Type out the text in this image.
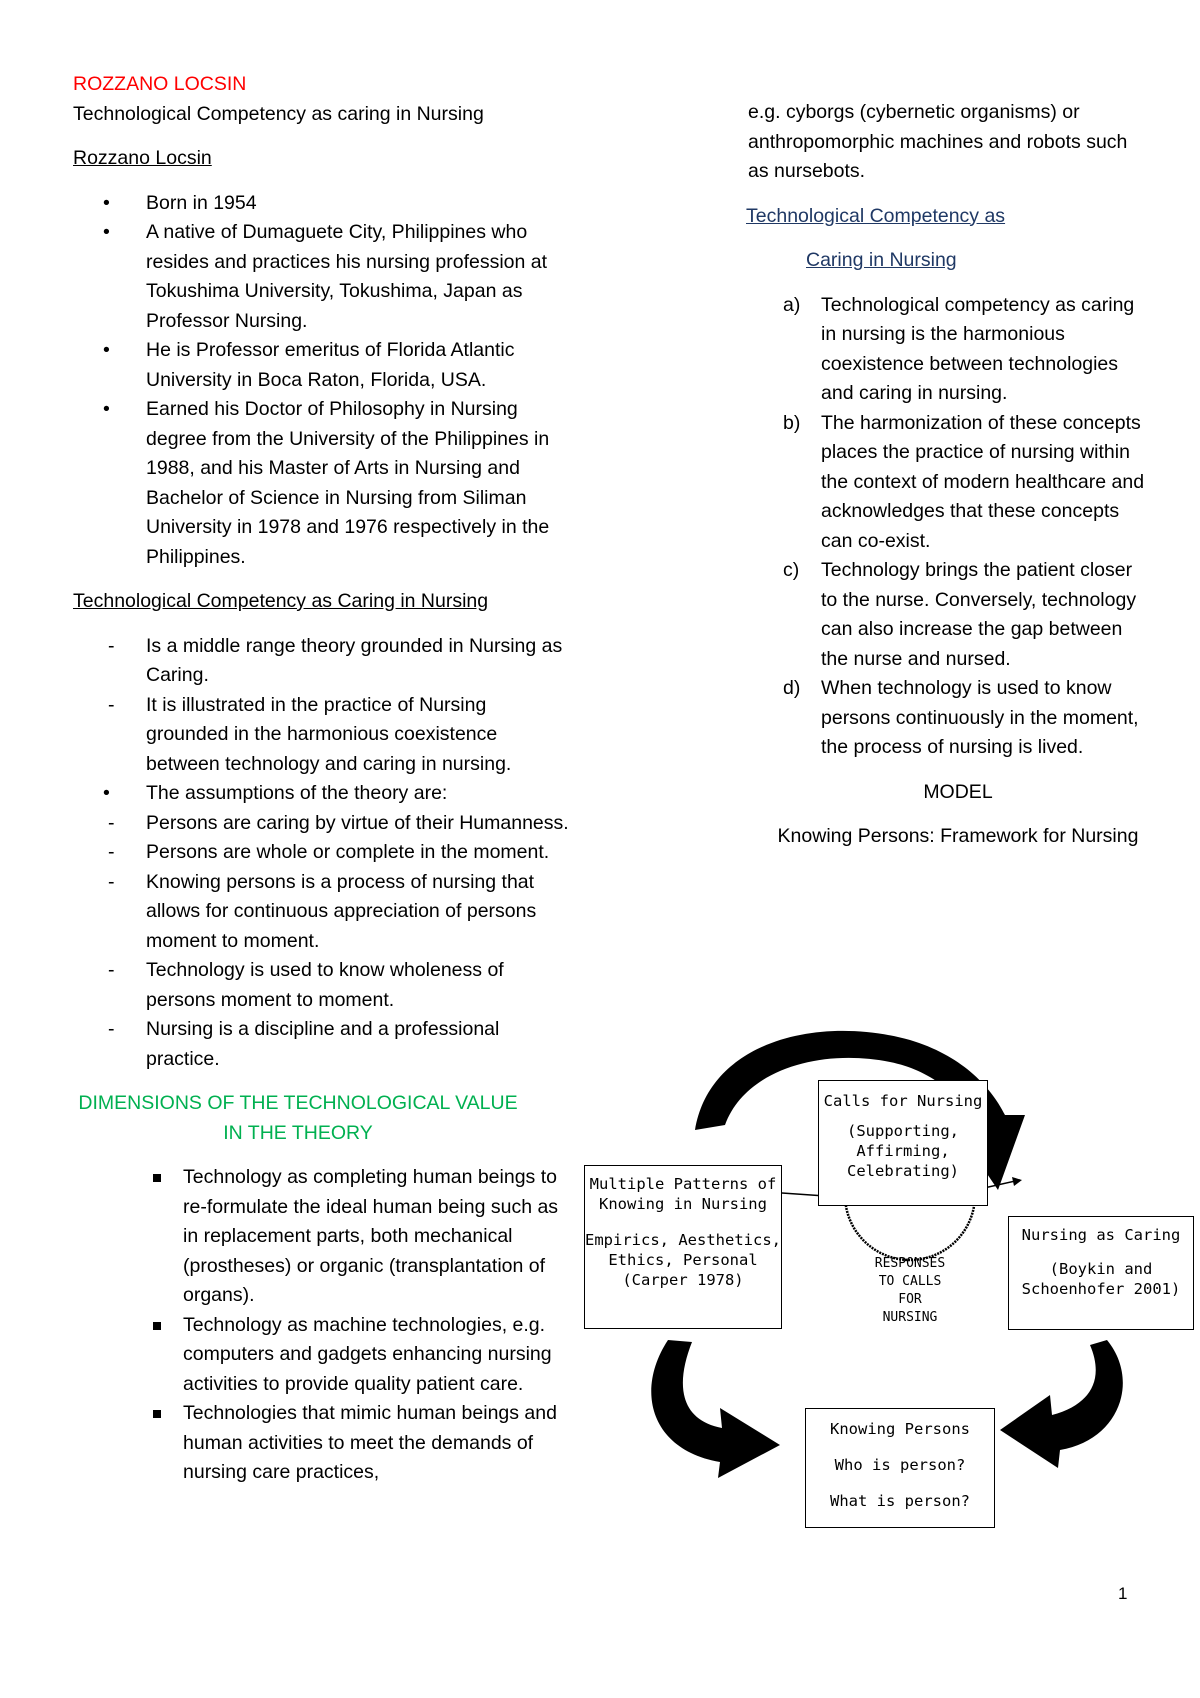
ROZZANO LOCSIN

Technological Competency as caring in Nursing

Rozzano Locsin

• Born in 1954
• A native of Dumaguete City, Philippines who resides and practices his nursing profession at Tokushima University, Tokushima, Japan as Professor Nursing.
• He is Professor emeritus of Florida Atlantic University in Boca Raton, Florida, USA.
• Earned his Doctor of Philosophy in Nursing degree from the University of the Philippines in 1988, and his Master of Arts in Nursing and Bachelor of Science in Nursing from Siliman University in 1978 and 1976 respectively in the Philippines.

Technological Competency as Caring in Nursing

- Is a middle range theory grounded in Nursing as Caring.
- It is illustrated in the practice of Nursing grounded in the harmonious coexistence between technology and caring in nursing.
• The assumptions of the theory are:
- Persons are caring by virtue of their Humanness.
- Persons are whole or complete in the moment.
- Knowing persons is a process of nursing that allows for continuous appreciation of persons moment to moment.
- Technology is used to know wholeness of persons moment to moment.
- Nursing is a discipline and a professional practice.

DIMENSIONS OF THE TECHNOLOGICAL VALUE IN THE THEORY

Technology as completing human beings to re-formulate the ideal human being such as in replacement parts, both mechanical (prostheses) or organic (transplantation of organs).
Technology as machine technologies, e.g. computers and gadgets enhancing nursing activities to provide quality patient care.
Technologies that mimic human beings and human activities to meet the demands of nursing care practices,

e.g. cyborgs (cybernetic organisms) or anthropomorphic machines and robots such as nursebots.

Technological Competency as

Caring in Nursing

a) Technological competency as caring in nursing is the harmonious coexistence between technologies and caring in nursing.
b) The harmonization of these concepts places the practice of nursing within the context of modern healthcare and acknowledges that these concepts can co-exist.
c) Technology brings the patient closer to the nurse. Conversely, technology can also increase the gap between the nurse and nursed.
d) When technology is used to know persons continuously in the moment, the process of nursing is lived.

MODEL

Knowing Persons: Framework for Nursing

Calls for Nursing

(Supporting, Affirming, Celebrating)

Multiple Patterns of Knowing in Nursing

Empirics, Aesthetics, Ethics, Personal (Carper 1978)

Nursing as Caring

(Boykin and Schoenhofer 2001)

Knowing Persons

Who is person?

What is person?

RESPONSES
TO CALLS
FOR
NURSING
1
